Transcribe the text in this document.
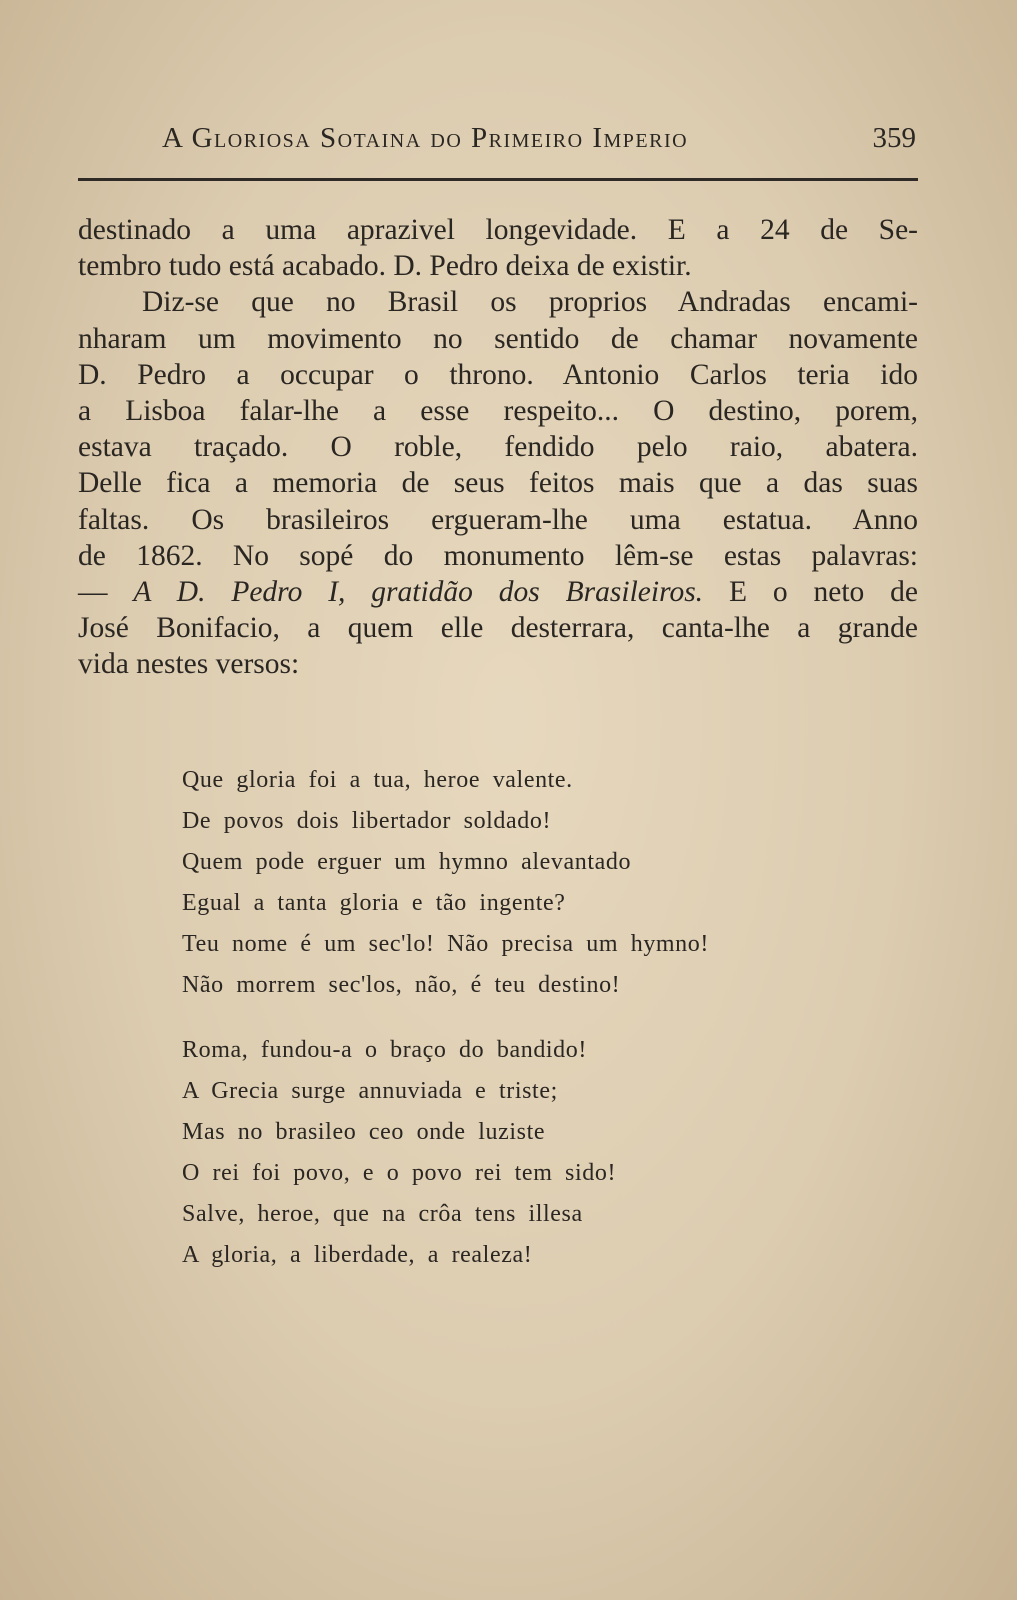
A Gloriosa Sotaina do Primeiro Imperio	359
destinado a uma aprazivel longevidade. E a 24 de Se-
tembro tudo está acabado. D. Pedro deixa de existir.
Diz-se que no Brasil os proprios Andradas encami-
nharam um movimento no sentido de chamar novamente
D. Pedro a occupar o throno. Antonio Carlos teria ido
a Lisboa falar-lhe a esse respeito... O destino, porem,
estava traçado. O roble, fendido pelo raio, abatera.
Delle fica a memoria de seus feitos mais que a das suas
faltas. Os brasileiros ergueram-lhe uma estatua. Anno
de 1862. No sopé do monumento lêm-se estas palavras:
— A D. Pedro I, gratidão dos Brasileiros. E o neto de
José Bonifacio, a quem elle desterrara, canta-lhe a grande
vida nestes versos:
Que gloria foi a tua, heroe valente.
De povos dois libertador soldado!
Quem pode erguer um hymno alevantado
Egual a tanta gloria e tão ingente?
Teu nome é um sec'lo! Não precisa um hymno!
Não morrem sec'los, não, é teu destino!
Roma, fundou-a o braço do bandido!
A Grecia surge annuviada e triste;
Mas no brasileo ceo onde luziste
O rei foi povo, e o povo rei tem sido!
Salve, heroe, que na crôa tens illesa
A gloria, a liberdade, a realeza!
